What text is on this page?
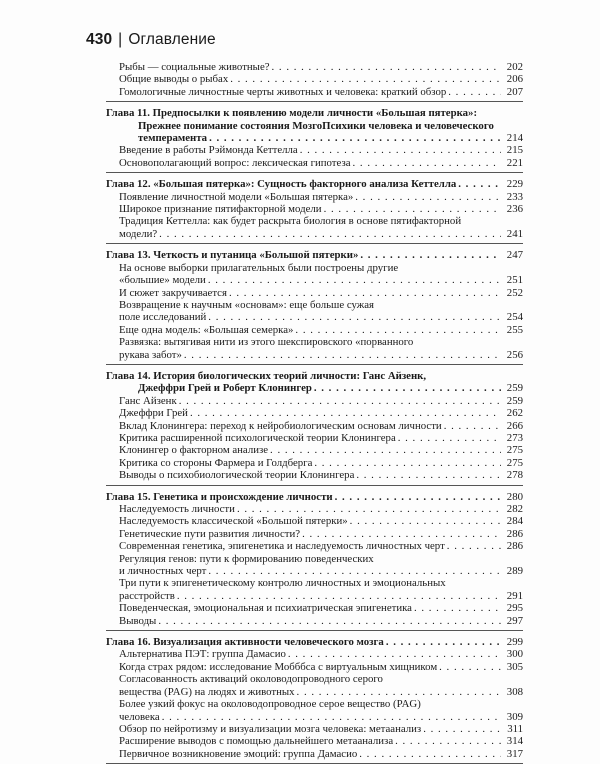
430 | Оглавление
Рыбы — социальные животные? . . .	202
Общие выводы о рыбах . . .	206
Гомологичные личностные черты животных и человека: краткий обзор . . .	207
Глава 11. Предпосылки к появлению модели личности «Большая пятерка»:
Прежнее понимание состояния МозгоПсихики человека и человеческого
темперамента . . .	214
Введение в работы Рэймонда Кеттелла . . .	215
Основополагающий вопрос: лексическая гипотеза . . .	221
Глава 12. «Большая пятерка»: Сущность факторного анализа Кеттелла . . .	229
Появление личностной модели «Большая пятерка» . . .	233
Широкое признание пятифакторной модели . . .	236
Традиция Кеттелла: как будет раскрыта биология в основе пятифакторной
модели? . . .	241
Глава 13. Четкость и путаница «Большой пятерки» . . .	247
На основе выборки прилагательных были построены другие
«большие» модели . . .	251
И сюжет закручивается . . .	252
Возвращение к научным «основам»: еще больше сужая
поле исследований . . .	254
Еще одна модель: «Большая семерка» . . .	255
Развязка: вытягивая нити из этого шекспировского «порванного
рукава забот» . . .	256
Глава 14. История биологических теорий личности: Ганс Айзенк,
Джеффри Грей и Роберт Клонингер . . .	259
Ганс Айзенк . . .	259
Джеффри Грей . . .	262
Вклад Клонингера: переход к нейробиологическим основам личности . . .	266
Критика расширенной психологической теории Клонингера . . .	273
Клонингер о факторном анализе . . .	275
Критика со стороны Фармера и Голдберга . . .	275
Выводы о психобиологической теории Клонингера . . .	278
Глава 15. Генетика и происхождение личности . . .	280
Наследуемость личности . . .	282
Наследуемость классической «Большой пятерки» . . .	284
Генетические пути развития личности? . . .	286
Современная генетика, эпигенетика и наследуемость личностных черт . . .	286
Регуляция генов: пути к формированию поведенческих
и личностных черт . . .	289
Три пути к эпигенетическому контролю личностных и эмоциональных
расстройств . . .	291
Поведенческая, эмоциональная и психиатрическая эпигенетика . . .	295
Выводы . . .	297
Глава 16. Визуализация активности человеческого мозга . . .	299
Альтернатива ПЭТ: группа Дамасио . . .	300
Когда страх рядом: исследование Мобббса с виртуальным хищником . . .	305
Согласованность активаций околоводопроводного серого
вещества (PAG) на людях и животных . . .	308
Более узкий фокус на околоводопроводное серое вещество (PAG)
человека . . .	309
Обзор по нейротизму и визуализации мозга человека: метаанализ . . .	311
Расширение выводов с помощью дальнейшего метаанализа . . .	314
Первичное возникновение эмоций: группа Дамасио . . .	317
